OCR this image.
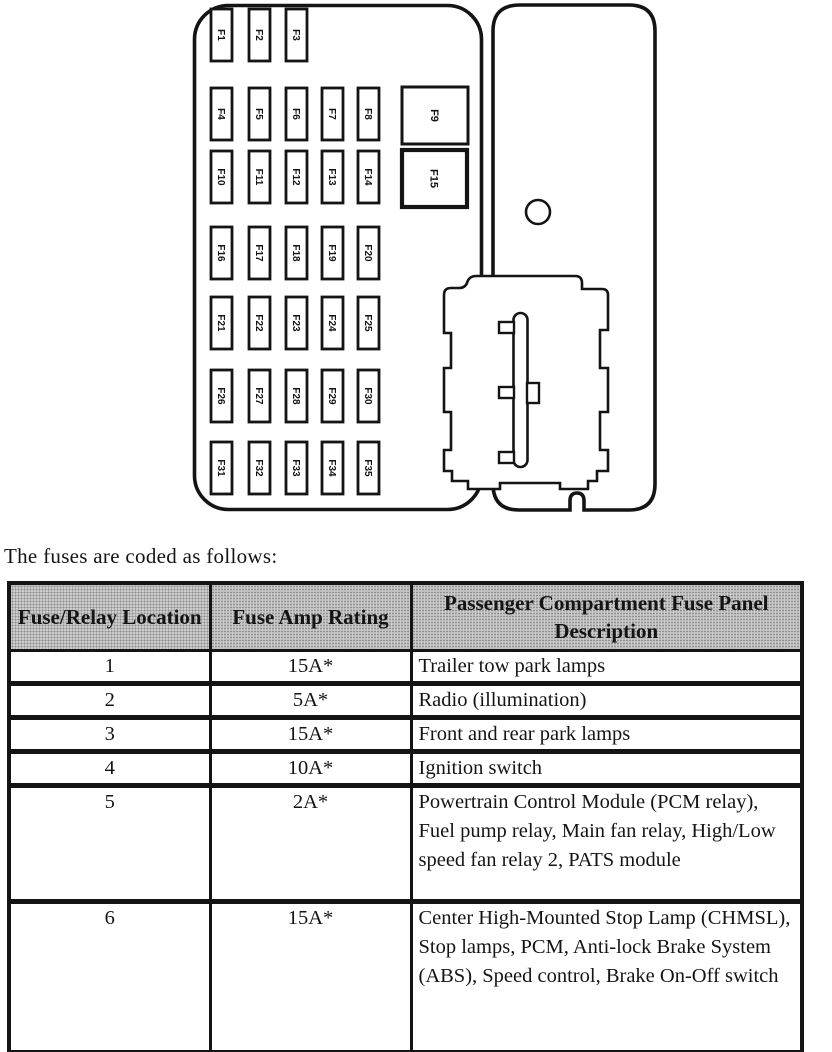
F1	F2	F3
F4	F5	F6	F7	F8
F10	F11	F12	F13	F14
F16	F17	F18	F19	F20
F21	F22	F23	F24	F25
F26	F27	F28	F29	F30
F31	F32	F33	F34	F35
F9
F15

The fuses are coded as follows:

Fuse/Relay Location	Fuse Amp Rating	Passenger Compartment Fuse Panel Description
1	15A*	Trailer tow park lamps
2	5A*	Radio (illumination)
3	15A*	Front and rear park lamps
4	10A*	Ignition switch
5	2A*	Powertrain Control Module (PCM relay), Fuel pump relay, Main fan relay, High/Low speed fan relay 2, PATS module
6	15A*	Center High-Mounted Stop Lamp (CHMSL), Stop lamps, PCM, Anti-lock Brake System (ABS), Speed control, Brake On-Off switch
